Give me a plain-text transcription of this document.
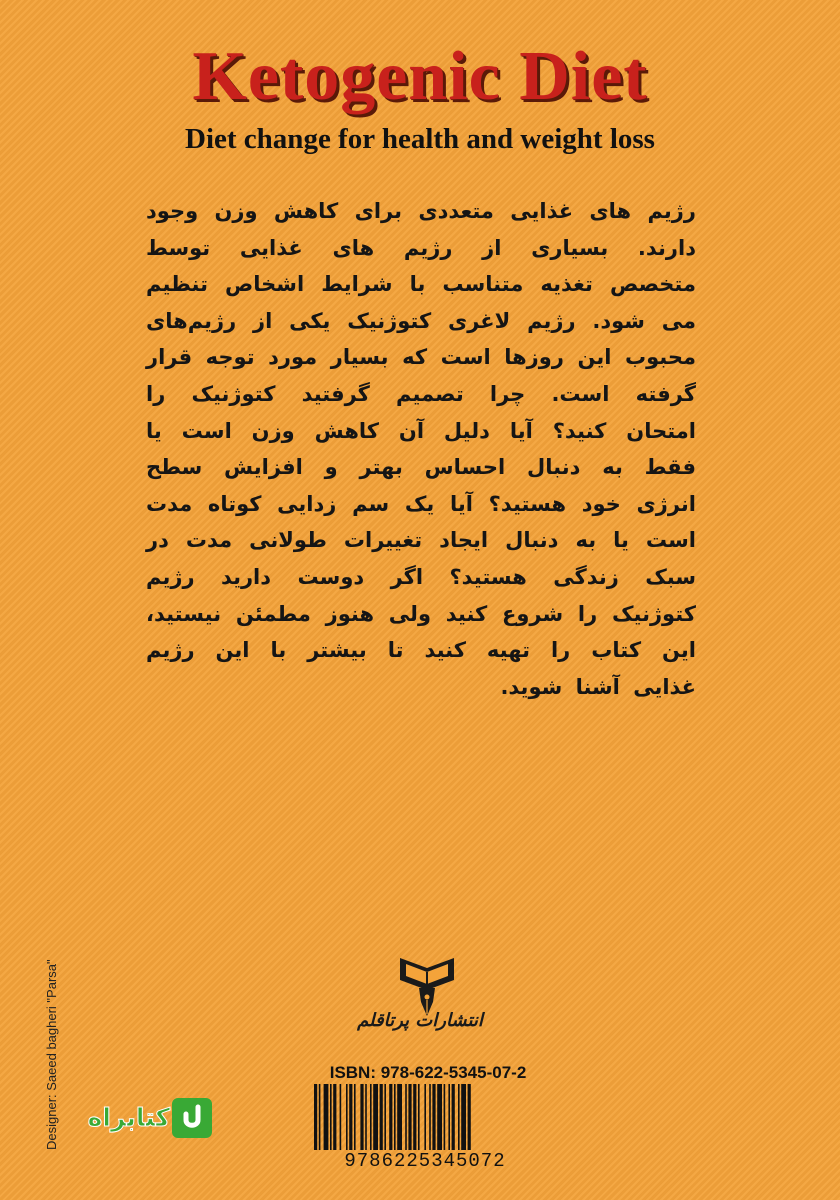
Ketogenic Diet
Diet change for health and weight loss

رژیم های غذایی متعددی برای کاهش وزن وجود دارند. بسیاری از رژیم های غذایی توسط متخصص تغذیه متناسب با شرایط اشخاص تنظیم می شود. رژیم لاغری کتوژنیک یکی از رژیم‌های محبوب این روزها است که بسیار مورد توجه قرار گرفته است. چرا تصمیم گرفتید کتوژنیک را امتحان کنید؟ آیا دلیل آن کاهش وزن است یا فقط به دنبال احساس بهتر و افزایش سطح انرژی خود هستید؟ آیا یک سم زدایی کوتاه مدت است یا به دنبال ایجاد تغییرات طولانی مدت در سبک زندگی هستید؟ اگر دوست دارید رژیم کتوژنیک را شروع کنید ولی هنوز مطمئن نیستید، این کتاب را تهیه کنید تا بیشتر با این رژیم غذایی آشنا شوید.

انتشارات پرتاقلم
ISBN: 978-622-5345-07-2
9786225345072
Designer: Saeed bagheri "Parsa" کتابراه
